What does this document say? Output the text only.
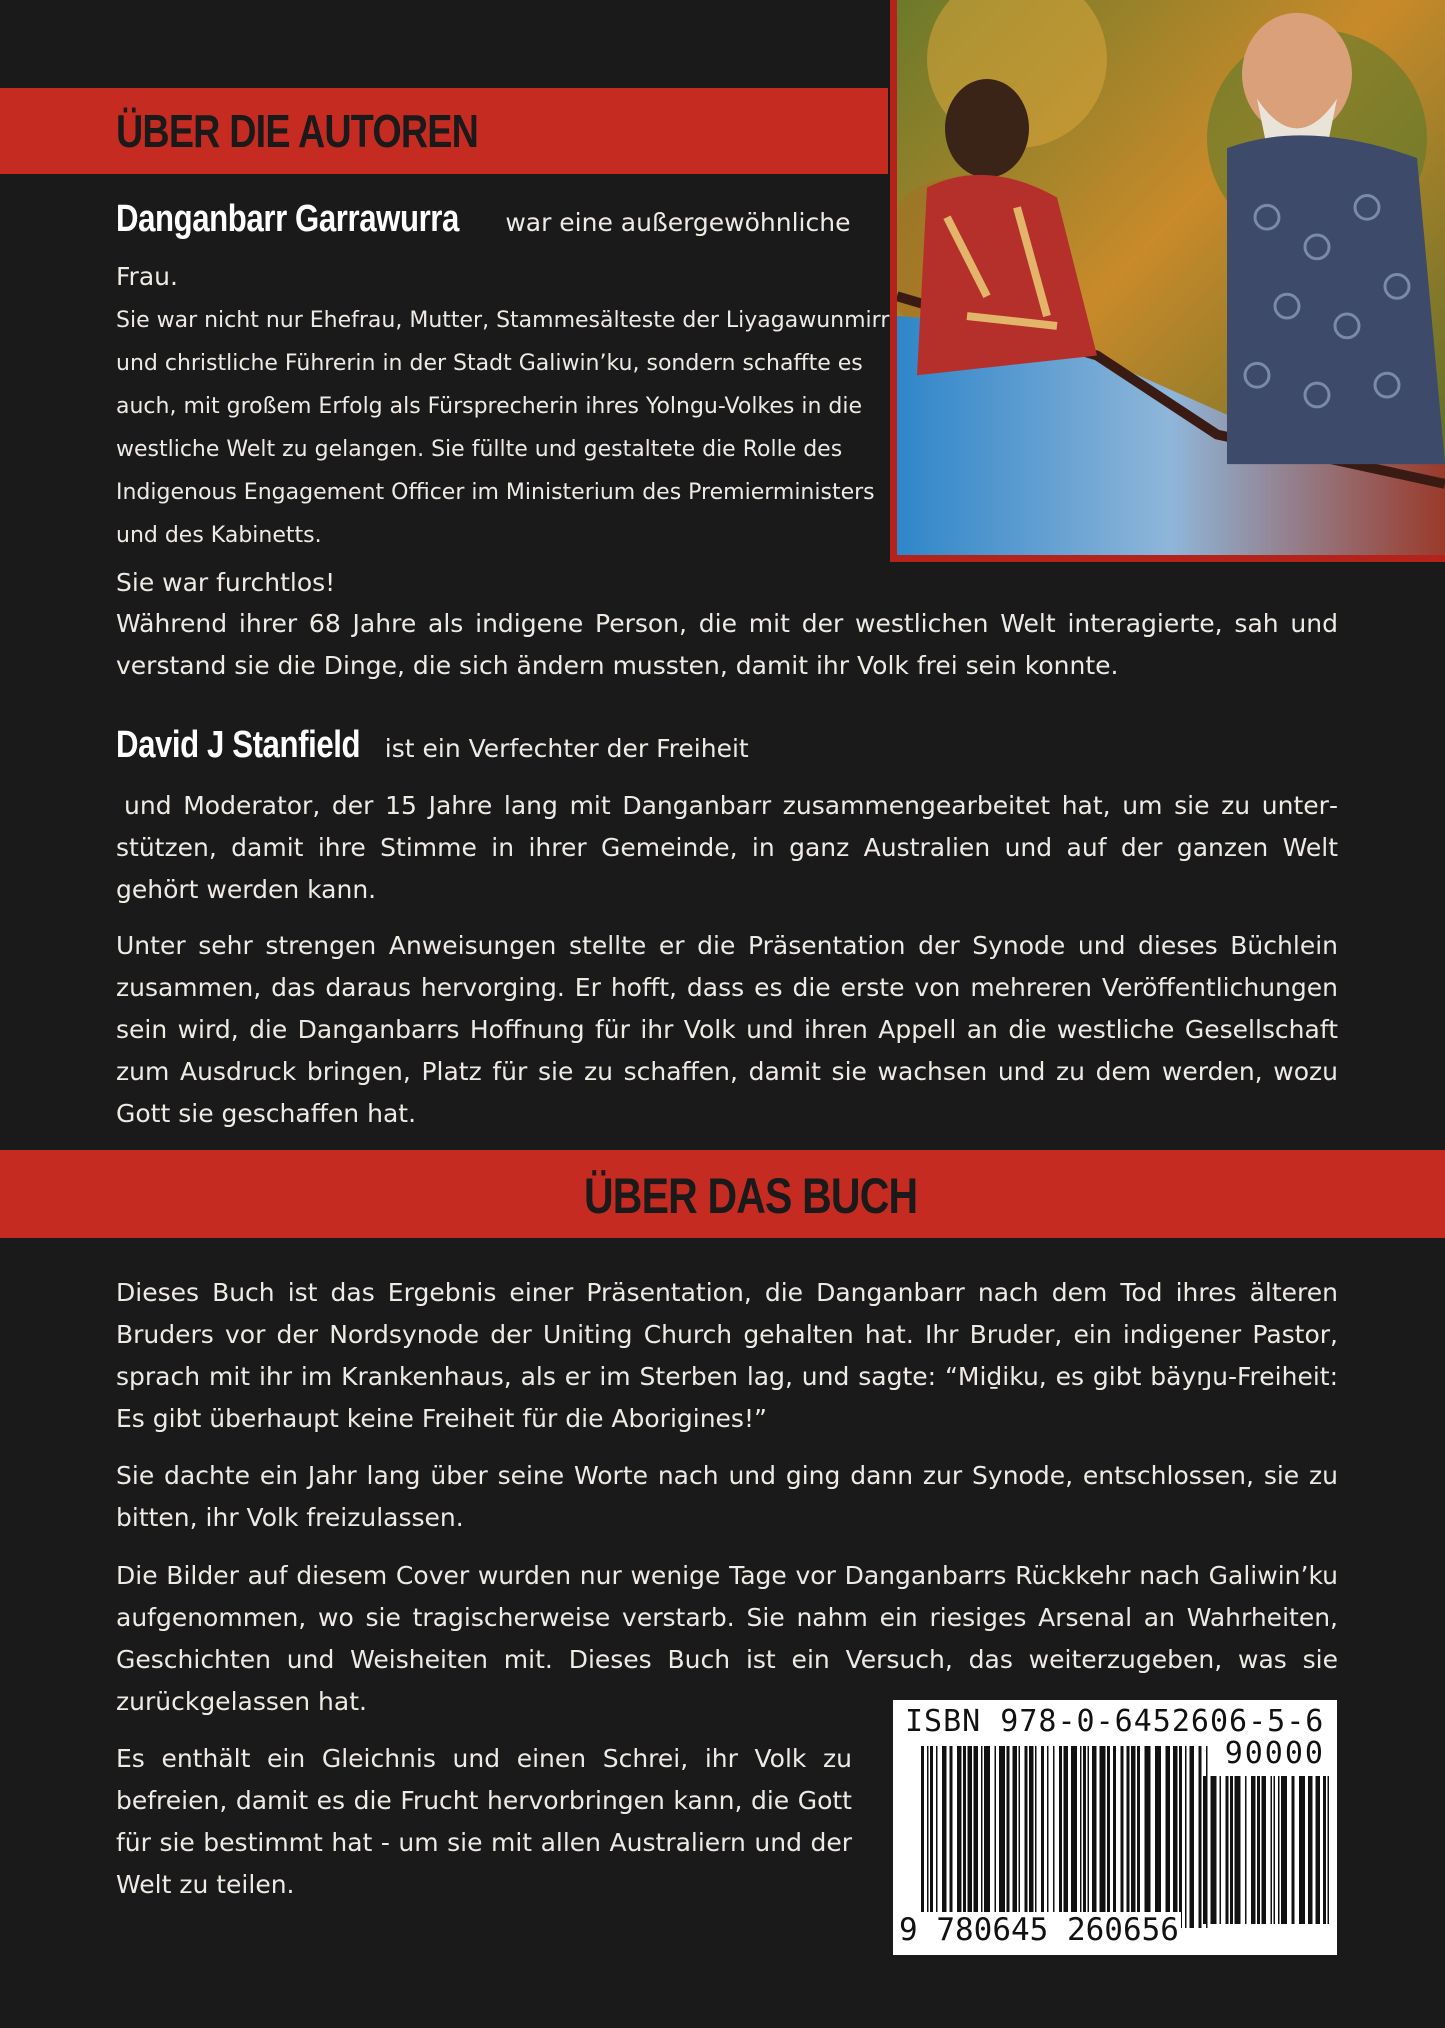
ÜBER DIE AUTOREN
Danganbarr Garrawurra war eine außergewöhnliche
Frau.

Sie war nicht nur Ehefrau, Mutter, Stammesälteste der Liyagawunmirr

und christliche Führerin in der Stadt Galiwin’ku, sondern schaffte es

auch, mit großem Erfolg als Fürsprecherin ihres Yolngu-Volkes in die

westliche Welt zu gelangen. Sie füllte und gestaltete die Rolle des

Indigenous Engagement Officer im Ministerium des Premierministers

und des Kabinetts.

Sie war furchtlos!
Während ihrer 68 Jahre als indigene Person, die mit der westlichen Welt interagierte, sah und verstand sie die Dinge, die sich ändern mussten, damit ihr Volk frei sein konnte.
David J Stanfield ist ein Verfechter der Freiheit
und Moderator, der 15 Jahre lang mit Danganbarr zusammengearbeitet hat, um sie zu unterstützen, damit ihre Stimme in ihrer Gemeinde, in ganz Australien und auf der ganzen Welt gehört werden kann.
Unter sehr strengen Anweisungen stellte er die Präsentation der Synode und dieses Büchlein zusammen, das daraus hervorging. Er hofft, dass es die erste von mehreren Veröffentlichungen sein wird, die Danganbarrs Hoffnung für ihr Volk und ihren Appell an die westliche Gesellschaft zum Ausdruck bringen, Platz für sie zu schaffen, damit sie wachsen und zu dem werden, wozu Gott sie geschaffen hat.
ÜBER DAS BUCH
Dieses Buch ist das Ergebnis einer Präsentation, die Danganbarr nach dem Tod ihres älteren Bruders vor der Nordsynode der Uniting Church gehalten hat. Ihr Bruder, ein indigener Pastor, sprach mit ihr im Krankenhaus, als er im Sterben lag, und sagte: “Miḏiku, es gibt bäyŋu-Freiheit: Es gibt überhaupt keine Freiheit für die Aborigines!”
Sie dachte ein Jahr lang über seine Worte nach und ging dann zur Synode, entschlossen, sie zu bitten, ihr Volk freizulassen.
Die Bilder auf diesem Cover wurden nur wenige Tage vor Danganbarrs Rückkehr nach Galiwin’ku aufgenommen, wo sie tragischerweise verstarb. Sie nahm ein riesiges Arsenal an Wahrheiten, Geschichten und Weisheiten mit. Dieses Buch ist ein Versuch, das weiterzugeben, was sie zurückgelassen hat.
Es enthält ein Gleichnis und einen Schrei, ihr Volk zu befreien, damit es die Frucht hervorbringen kann, die Gott für sie bestimmt hat - um sie mit allen Australiern und der Welt zu teilen.
ISBN 978-0-6452606-5-6
90000
9 780645 260656
